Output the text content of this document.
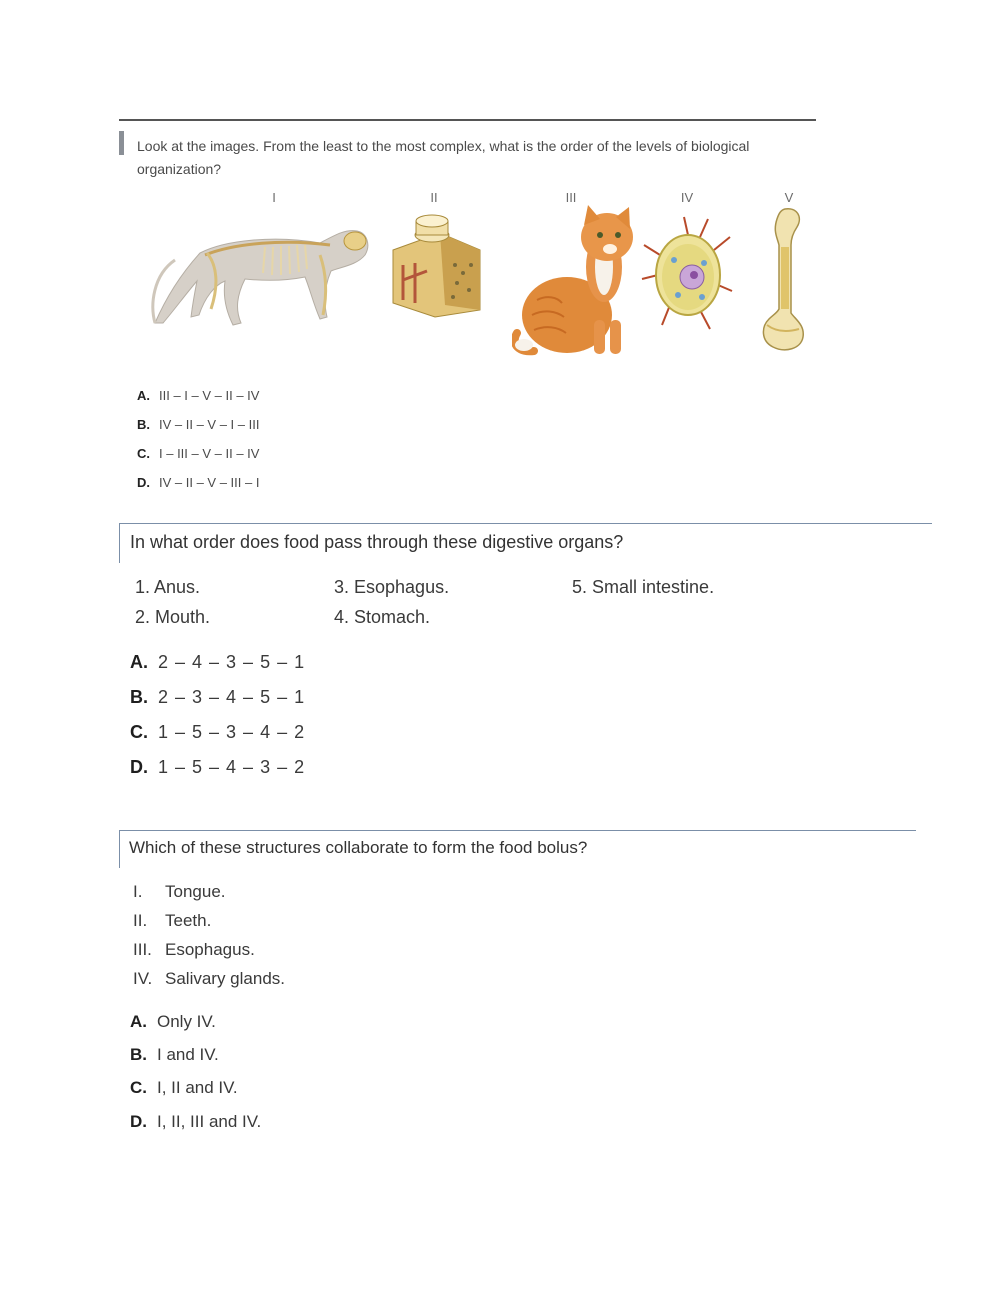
Look at the images. From the least to the most complex, what is the order of the levels of biological organization?
I	II	III	IV	V
A. III – I – V – II – IV
B. IV – II – V – I – III
C. I – III – V – II – IV
D. IV – II – V – III – I
In what order does food pass through these digestive organs?
1. Anus.
2. Mouth.
3. Esophagus.
4. Stomach.
5. Small intestine.
A. 2 – 4 – 3 – 5 – 1
B. 2 – 3 – 4 – 5 – 1
C. 1 – 5 – 3 – 4 – 2
D. 1 – 5 – 4 – 3 – 2
Which of these structures collaborate to form the food bolus?
I. Tongue.
II. Teeth.
III. Esophagus.
IV. Salivary glands.
A. Only IV.
B. I and IV.
C. I, II and IV.
D. I, II, III and IV.
